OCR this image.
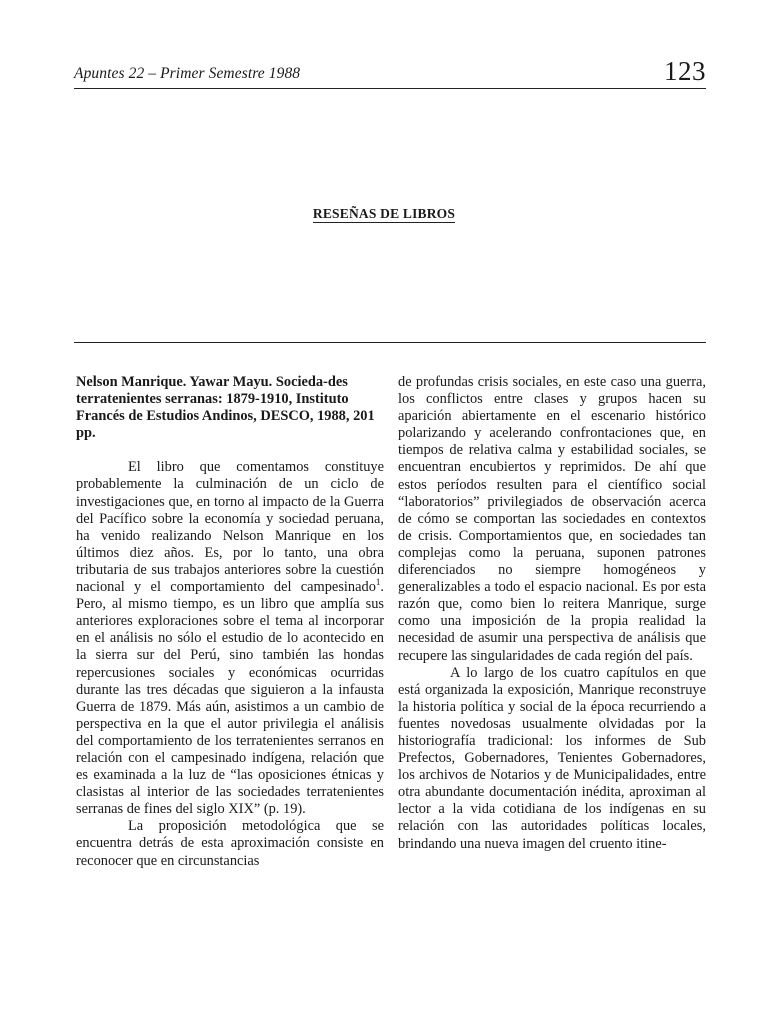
Apuntes 22 – Primer Semestre 1988	123
RESEÑAS DE LIBROS

Nelson Manrique. Yawar Mayu. Socieda-des terratenientes serranas: 1879-1910, Instituto Francés de Estudios Andinos, DESCO, 1988, 201 pp.

El libro que comentamos constituye probablemente la culminación de un ciclo de investigaciones que, en torno al impacto de la Guerra del Pacífico sobre la economía y sociedad peruana, ha venido realizando Nelson Manrique en los últimos diez años. Es, por lo tanto, una obra tributaria de sus trabajos anteriores sobre la cuestión nacional y el comportamiento del campesinado$^1$. Pero, al mismo tiempo, es un libro que amplía sus anteriores exploraciones sobre el tema al incorporar en el análisis no sólo el estudio de lo acontecido en la sierra sur del Perú, sino también las hondas repercusiones sociales y económicas ocurridas durante las tres décadas que siguieron a la infausta Guerra de 1879. Más aún, asistimos a un cambio de perspectiva en la que el autor privilegia el análisis del comportamiento de los terratenientes serranos en relación con el campesinado indígena, relación que es examinada a la luz de “las oposiciones étnicas y clasistas al interior de las sociedades terratenientes serranas de fines del siglo XIX” (p. 19).

La proposición metodológica que se encuentra detrás de esta aproximación consiste en reconocer que en circunstancias

de profundas crisis sociales, en este caso una guerra, los conflictos entre clases y grupos hacen su aparición abiertamente en el escenario histórico polarizando y acelerando confrontaciones que, en tiempos de relativa calma y estabilidad sociales, se encuentran encubiertos y reprimidos. De ahí que estos períodos resulten para el científico social “laboratorios” privilegiados de observación acerca de cómo se comportan las sociedades en contextos de crisis. Comportamientos que, en sociedades tan complejas como la peruana, suponen patrones diferenciados no siempre homogéneos y generalizables a todo el espacio nacional. Es por esta razón que, como bien lo reitera Manrique, surge como una imposición de la propia realidad la necesidad de asumir una perspectiva de análisis que recupere las singularidades de cada región del país.

A lo largo de los cuatro capítulos en que está organizada la exposición, Manrique reconstruye la historia política y social de la época recurriendo a fuentes novedosas usualmente olvidadas por la historiografía tradicional: los informes de Sub Prefectos, Gobernadores, Tenientes Gobernadores, los archivos de Notarios y de Municipalidades, entre otra abundante documentación inédita, aproximan al lector a la vida cotidiana de los indígenas en su relación con las autoridades políticas locales, brindando una nueva imagen del cruento itine-
